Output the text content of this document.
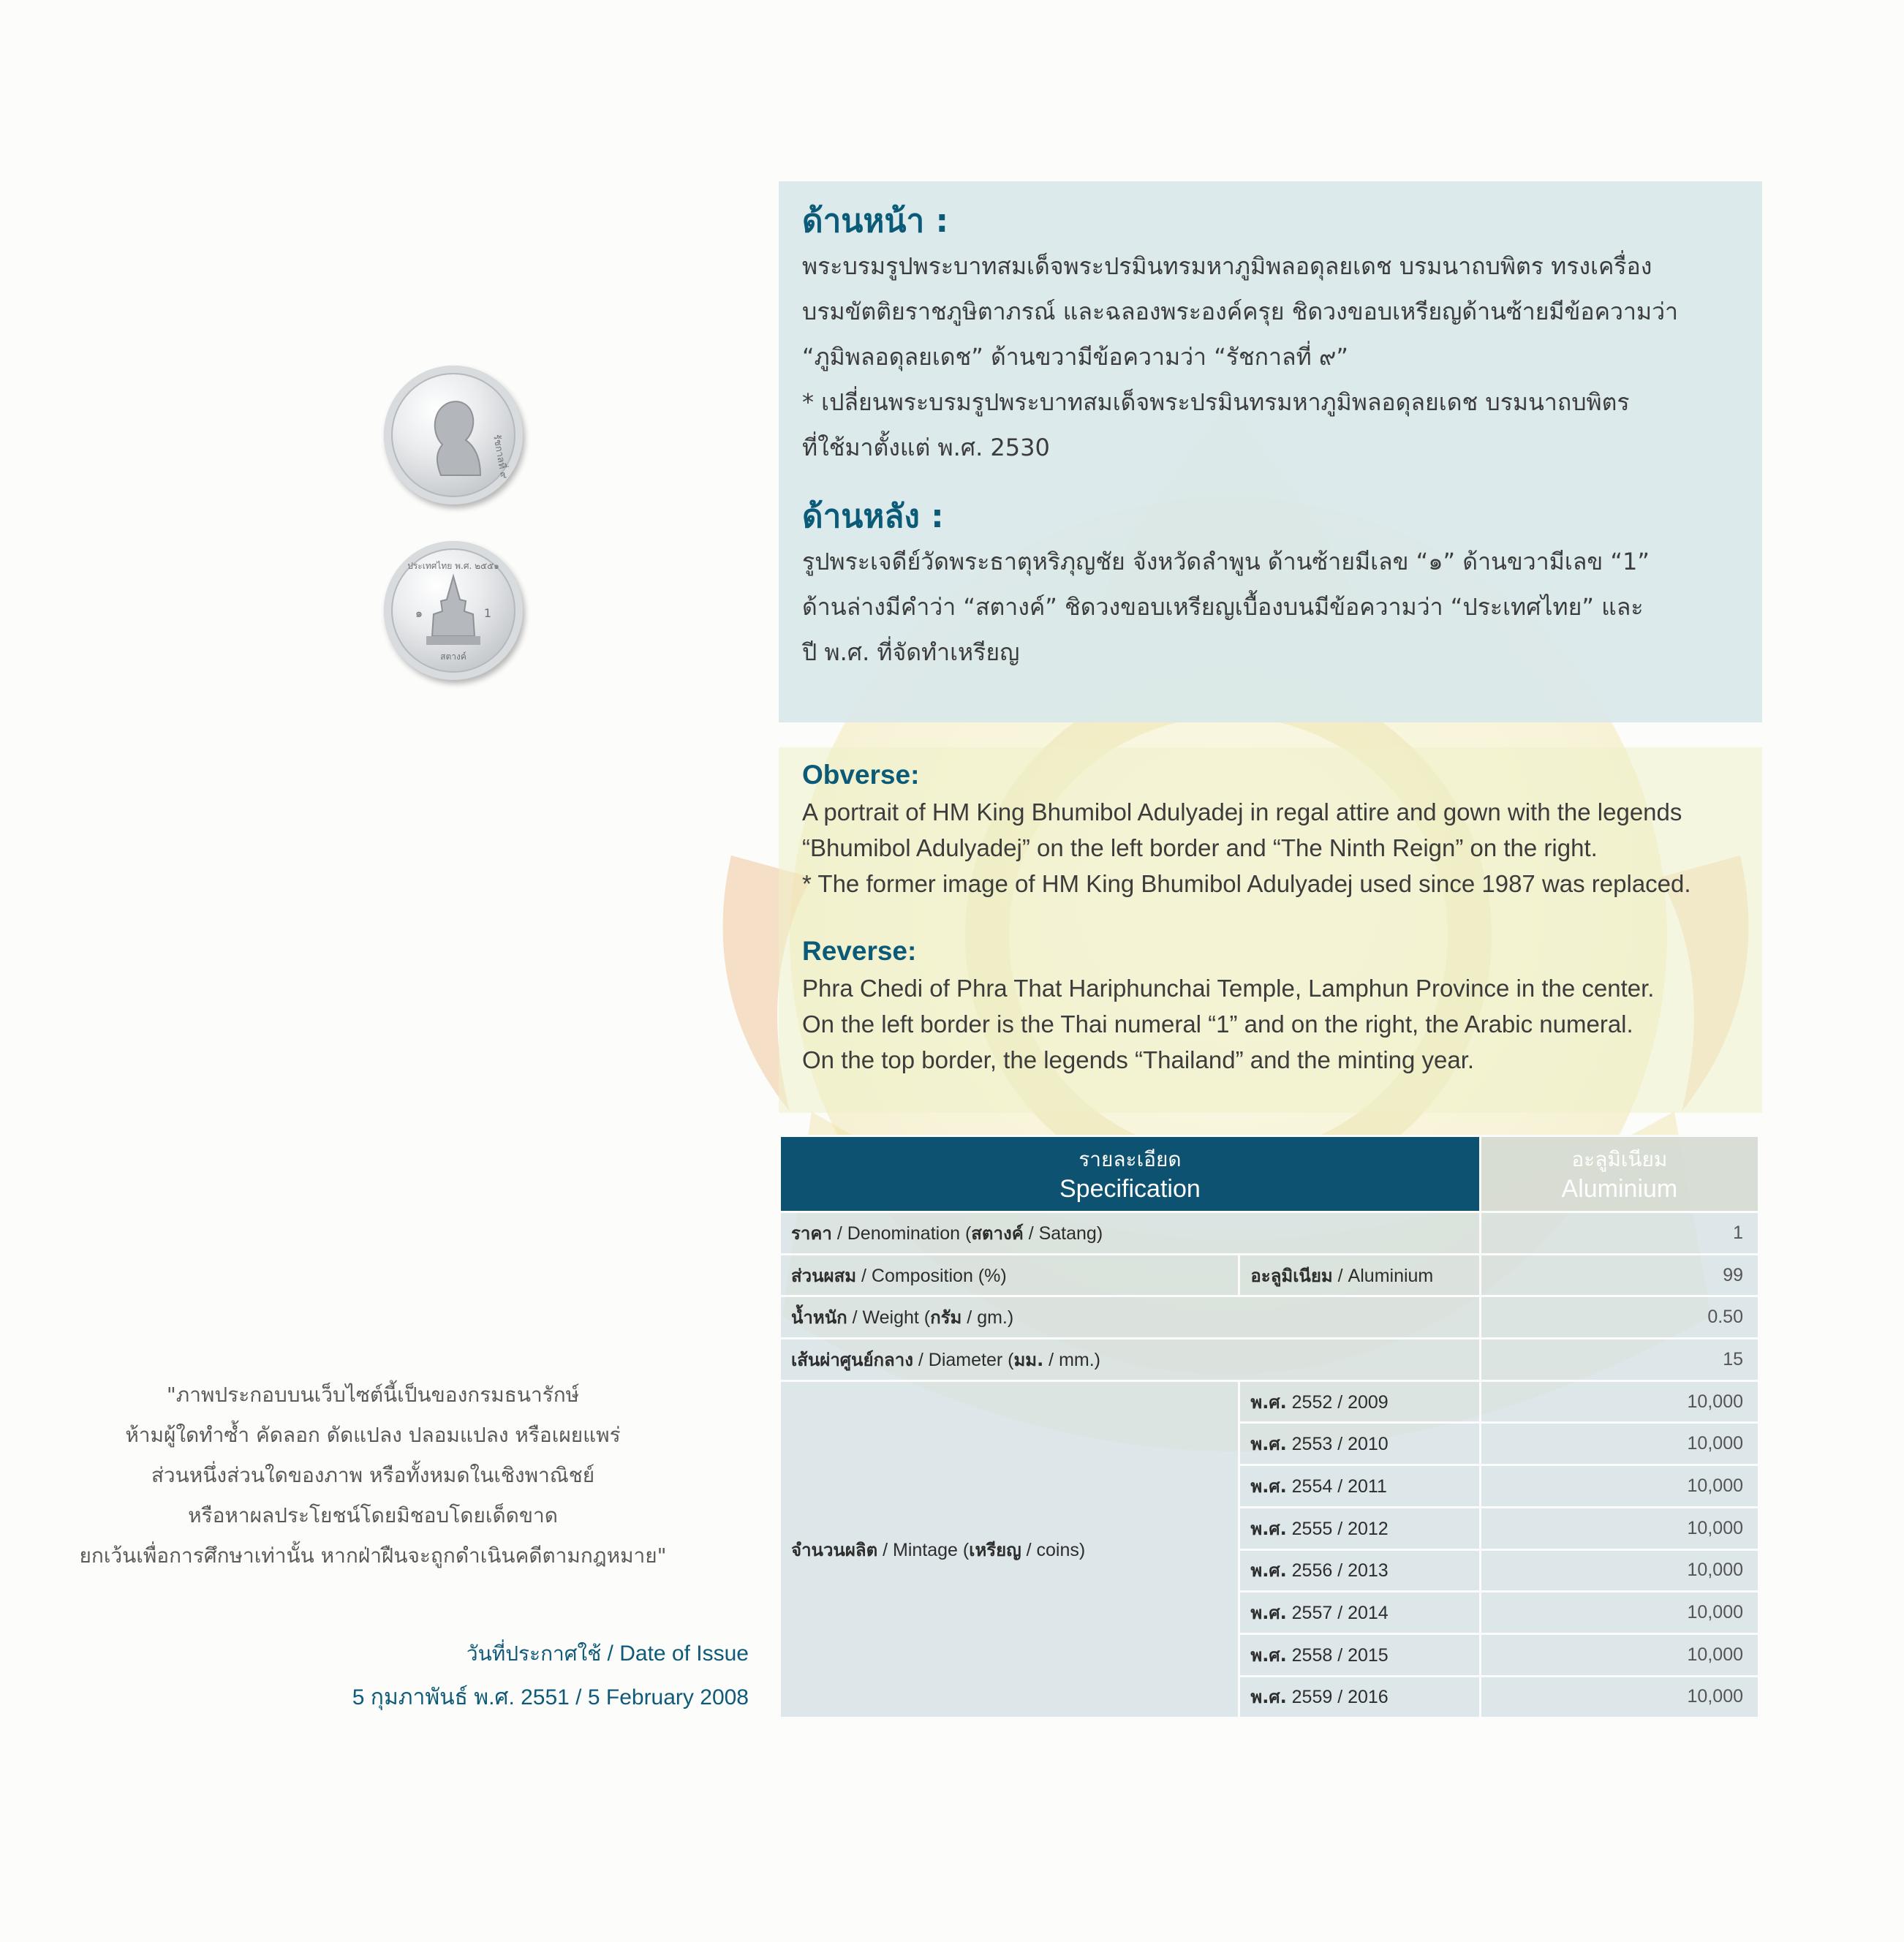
รัชกาลที่ ๙
ประเทศไทย พ.ศ. ๒๕๕๑
๑	1
สตางค์
ด้านหน้า :
พระบรมรูปพระบาทสมเด็จพระปรมินทรมหาภูมิพลอดุลยเดช บรมนาถบพิตร ทรงเครื่อง
บรมขัตติยราชภูษิตาภรณ์ และฉลองพระองค์ครุย ชิดวงขอบเหรียญด้านซ้ายมีข้อความว่า
“ภูมิพลอดุลยเดช” ด้านขวามีข้อความว่า “รัชกาลที่ ๙”
* เปลี่ยนพระบรมรูปพระบาทสมเด็จพระปรมินทรมหาภูมิพลอดุลยเดช บรมนาถบพิตร
ที่ใช้มาตั้งแต่ พ.ศ. 2530
ด้านหลัง :
รูปพระเจดีย์วัดพระธาตุหริภุญชัย จังหวัดลำพูน ด้านซ้ายมีเลข “๑” ด้านขวามีเลข “1”
ด้านล่างมีคำว่า “สตางค์” ชิดวงขอบเหรียญเบื้องบนมีข้อความว่า “ประเทศไทย” และ
ปี พ.ศ. ที่จัดทำเหรียญ
Obverse:
A portrait of HM King Bhumibol Adulyadej in regal attire and gown with the legends
“Bhumibol Adulyadej” on the left border and “The Ninth Reign” on the right.
* The former image of HM King Bhumibol Adulyadej used since 1987 was replaced.
Reverse:
Phra Chedi of Phra That Hariphunchai Temple, Lamphun Province in the center.
On the left border is the Thai numeral “1” and on the right, the Arabic numeral.
On the top border, the legends “Thailand” and the minting year.
รายละเอียด
Specification		อะลูมิเนียม
Aluminium

ราคา / Denomination (สตางค์ / Satang)		1
ส่วนผสม / Composition (%)	อะลูมิเนียม / Aluminium	99
น้ำหนัก / Weight (กรัม / gm.)		0.50
เส้นผ่าศูนย์กลาง / Diameter (มม. / mm.)		15
จำนวนผลิต / Mintage (เหรียญ / coins)	พ.ศ. 2552 / 2009	10,000
	พ.ศ. 2553 / 2010	10,000
	พ.ศ. 2554 / 2011	10,000
	พ.ศ. 2555 / 2012	10,000
	พ.ศ. 2556 / 2013	10,000
	พ.ศ. 2557 / 2014	10,000
	พ.ศ. 2558 / 2015	10,000
	พ.ศ. 2559 / 2016	10,000
"ภาพประกอบบนเว็บไซต์นี้เป็นของกรมธนารักษ์
ห้ามผู้ใดทำซ้ำ คัดลอก ดัดแปลง ปลอมแปลง หรือเผยแพร่
ส่วนหนึ่งส่วนใดของภาพ หรือทั้งหมดในเชิงพาณิชย์
หรือหาผลประโยชน์โดยมิชอบโดยเด็ดขาด
ยกเว้นเพื่อการศึกษาเท่านั้น หากฝ่าฝืนจะถูกดำเนินคดีตามกฎหมาย"
วันที่ประกาศใช้ / Date of Issue
5 กุมภาพันธ์ พ.ศ. 2551 / 5 February 2008
